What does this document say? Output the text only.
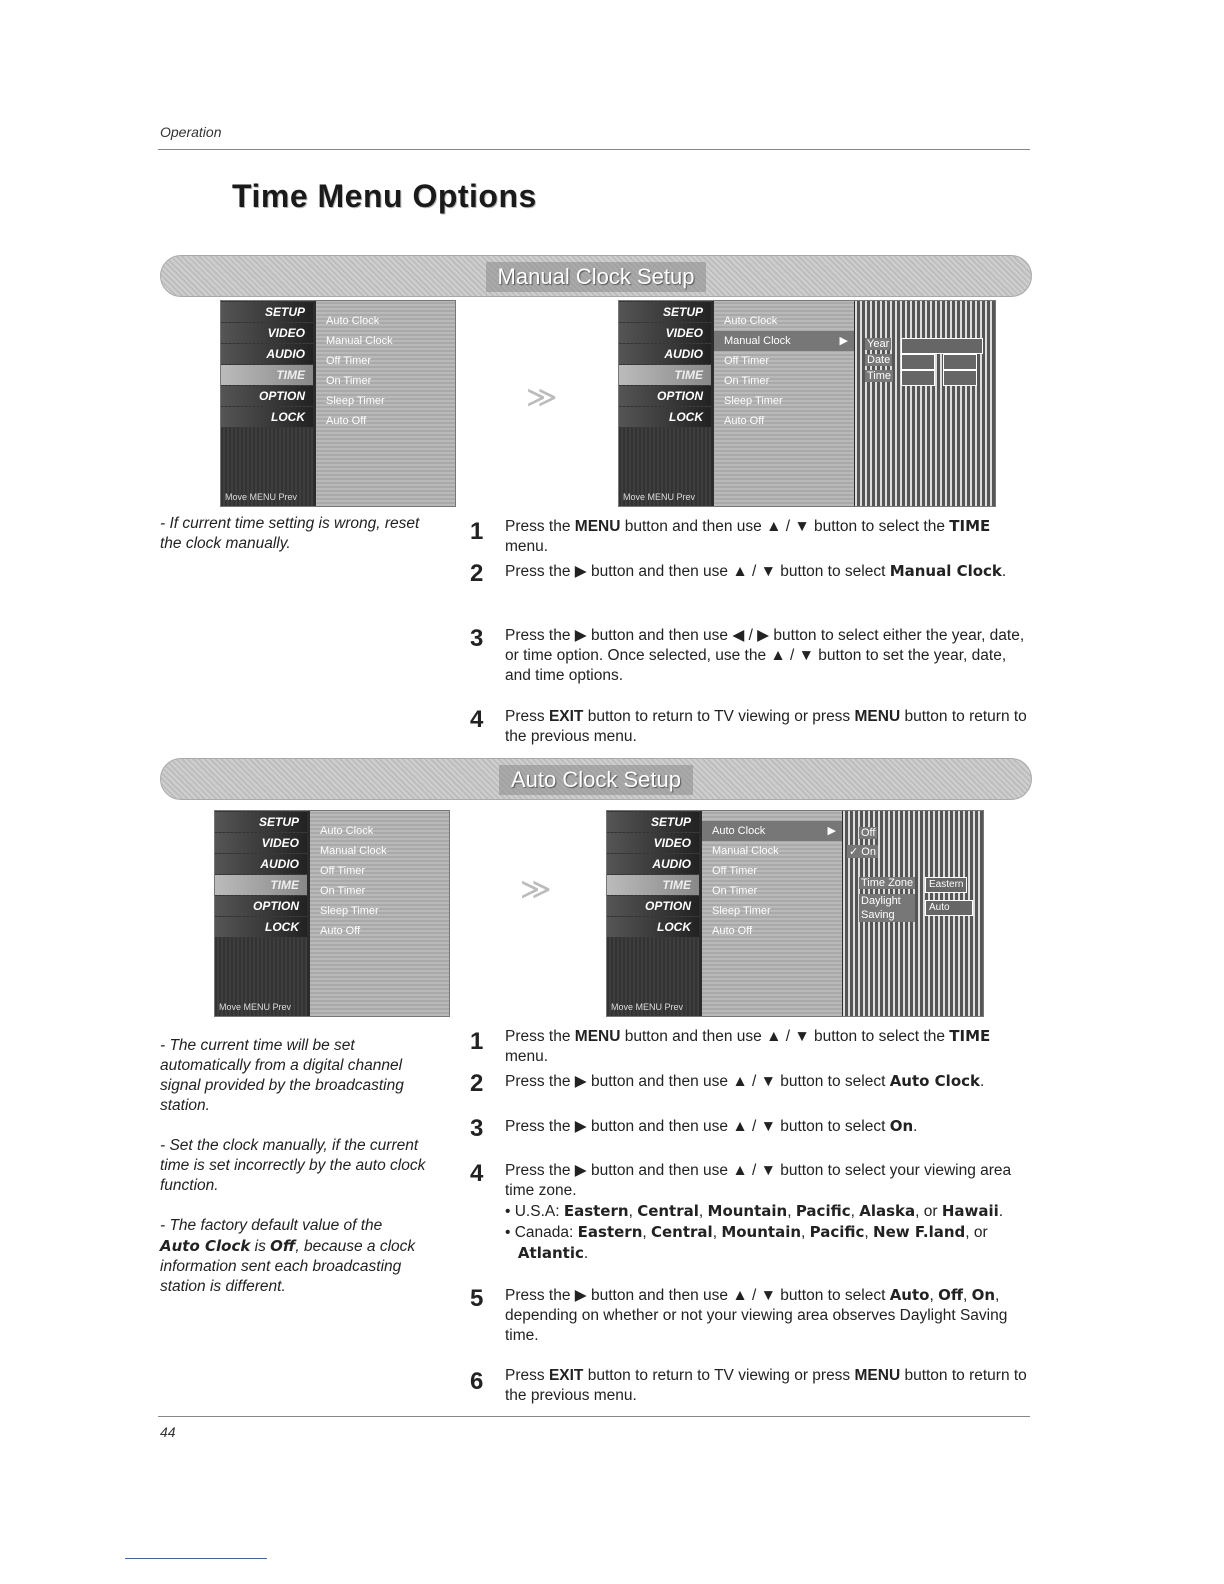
Operation
Time Menu Options
Manual Clock Setup
SETUP
VIDEO
AUDIO
TIME
OPTION
LOCK
Auto Clock
Manual Clock
Off Timer
On Timer
Sleep Timer
Auto Off
Move MENU Prev
≫
SETUP
VIDEO
AUDIO
TIME
OPTION
LOCK
Auto Clock
Manual Clock	▶
Off Timer
On Timer
Sleep Timer
Auto Off
Year

Date

Time

Move MENU Prev
- If current time setting is wrong, reset the clock manually.	1 Press the MENU button and then use ▲ / ▼ button to select the TIME menu.
2 Press the ▶ button and then use ▲ / ▼ button to select Manual Clock.
3 Press the ▶ button and then use ◀ / ▶ button to select either the year, date, or time option. Once selected, use the ▲ / ▼ button to set the year, date, and time options.
4 Press EXIT button to return to TV viewing or press MENU button to return to the previous menu.
Auto Clock Setup
SETUP
VIDEO
AUDIO
TIME
OPTION
LOCK
Auto Clock
Manual Clock
Off Timer
On Timer
Sleep Timer
Auto Off
Move MENU Prev
≫
SETUP
VIDEO
AUDIO
TIME
OPTION
LOCK
Auto Clock	▶
Manual Clock
Off Timer
On Timer
Sleep Timer
Auto Off
Off
✓ On
Time Zone	Eastern
Daylight Saving
Auto
Move MENU Prev
- The current time will be set automatically from a digital channel signal provided by the broadcasting station.
- Set the clock manually, if the current time is set incorrectly by the auto clock function.
- The factory default value of the Auto Clock is Off, because a clock information sent each broadcasting station is different.
1 Press the MENU button and then use ▲ / ▼ button to select the TIME menu.
2 Press the ▶ button and then use ▲ / ▼ button to select Auto Clock.
3 Press the ▶ button and then use ▲ / ▼ button to select On.
4 Press the ▶ button and then use ▲ / ▼ button to select your viewing area time zone.
• U.S.A: Eastern, Central, Mountain, Pacific, Alaska, or Hawaii.
• Canada: Eastern, Central, Mountain, Pacific, New F.land, or
Atlantic.
5 Press the ▶ button and then use ▲ / ▼ button to select Auto, Off, On, depending on whether or not your viewing area observes Daylight Saving time.
6 Press EXIT button to return to TV viewing or press MENU button to return to the previous menu.
44
